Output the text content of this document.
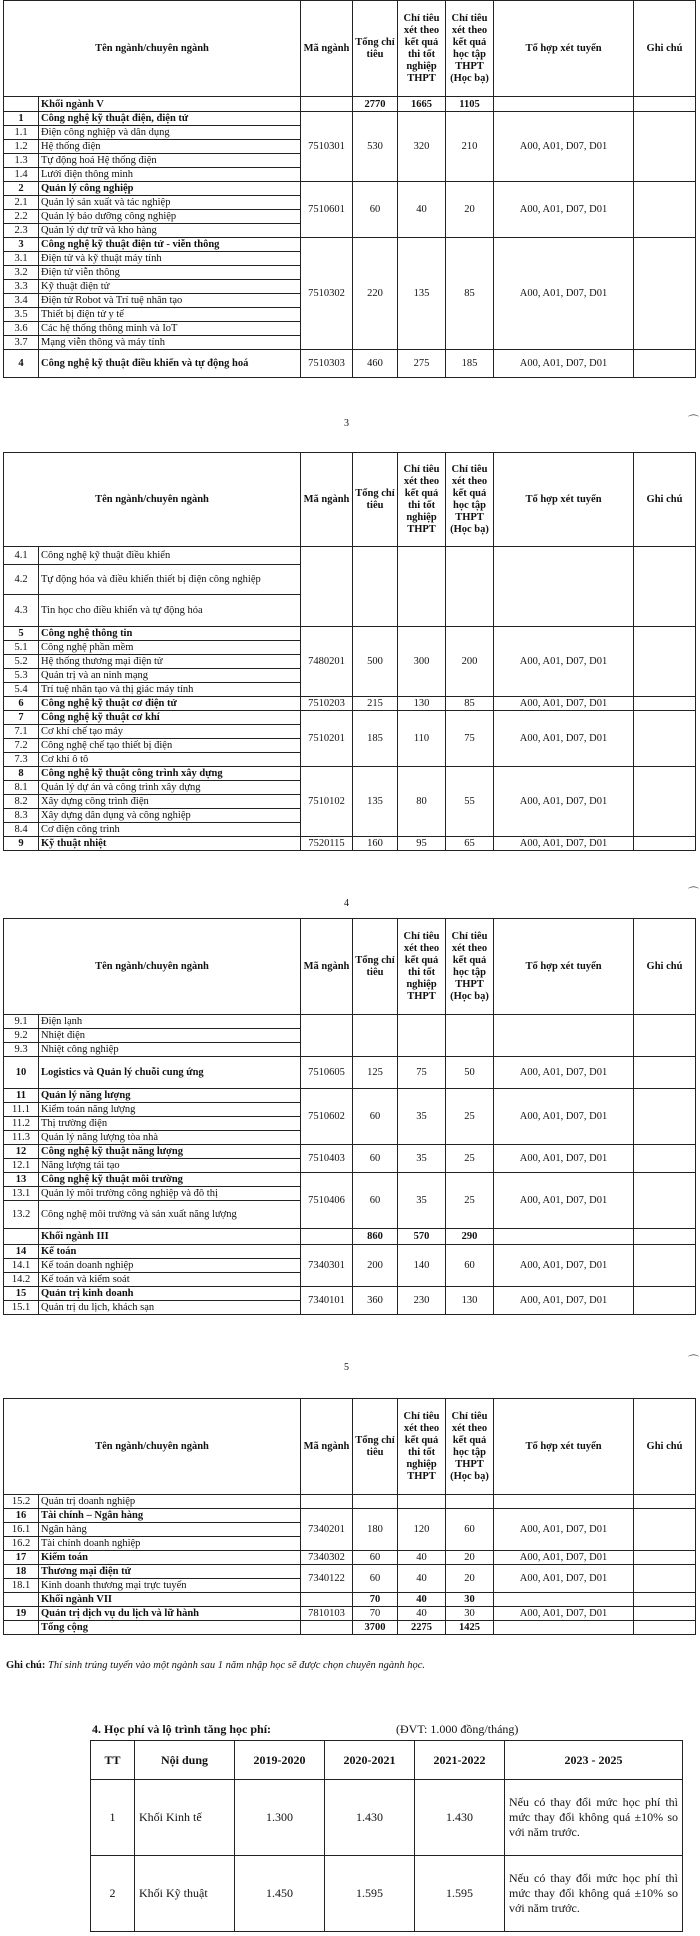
Tên ngành/chuyên ngành		Mã ngành	Tổng chỉ tiêu	Chỉ tiêu xét theo kết quả thi tốt nghiệp THPT	Chỉ tiêu xét theo kết quả học tập THPT (Học bạ)	Tổ hợp xét tuyển	Ghi chú
	Khối ngành V		2770	1665	1105		
1	Công nghệ kỹ thuật điện, điện tử	7510301	530	320	210	A00, A01, D07, D01	
1.1	Điện công nghiệp và dân dụng						
1.2	Hệ thống điện						
1.3	Tự động hoá Hệ thống điện						
1.4	Lưới điện thông minh						
2	Quản lý công nghiệp	7510601	60	40	20	A00, A01, D07, D01	
2.1	Quản lý sản xuất và tác nghiệp						
2.2	Quản lý bảo dưỡng công nghiệp						
2.3	Quản lý dự trữ và kho hàng						
3	Công nghệ kỹ thuật điện tử - viễn thông	7510302	220	135	85	A00, A01, D07, D01	
3.1	Điện tử và kỹ thuật máy tính						
3.2	Điện tử viễn thông						
3.3	Kỹ thuật điện tử						
3.4	Điện tử Robot và Trí tuệ nhân tạo						
3.5	Thiết bị điện tử y tế						
3.6	Các hệ thống thông minh và IoT						
3.7	Mạng viễn thông và máy tính						
4	Công nghệ kỹ thuật điều khiển và tự động hoá	7510303	460	275	185	A00, A01, D07, D01	
3	⌒
Tên ngành/chuyên ngành		Mã ngành	Tổng chỉ tiêu	Chỉ tiêu xét theo kết quả thi tốt nghiệp THPT	Chỉ tiêu xét theo kết quả học tập THPT (Học bạ)	Tổ hợp xét tuyển	Ghi chú
4.1	Công nghệ kỹ thuật điều khiển						
4.2	Tự động hóa và điều khiển thiết bị điện công nghiệp						
4.3	Tin học cho điều khiển và tự động hóa						
5	Công nghệ thông tin	7480201	500	300	200	A00, A01, D07, D01	
5.1	Công nghệ phần mềm						
5.2	Hệ thống thương mại điện tử						
5.3	Quản trị và an ninh mạng						
5.4	Trí tuệ nhân tạo và thị giác máy tính						
6	Công nghệ kỹ thuật cơ điện tử	7510203	215	130	85	A00, A01, D07, D01	
7	Công nghệ kỹ thuật cơ khí	7510201	185	110	75	A00, A01, D07, D01	
7.1	Cơ khí chế tạo máy						
7.2	Công nghệ chế tạo thiết bị điện						
7.3	Cơ khí ô tô						
8	Công nghệ kỹ thuật công trình xây dựng	7510102	135	80	55	A00, A01, D07, D01	
8.1	Quản lý dự án và công trình xây dựng						
8.2	Xây dựng công trình điện						
8.3	Xây dựng dân dụng và công nghiệp						
8.4	Cơ điện công trình						
9	Kỹ thuật nhiệt	7520115	160	95	65	A00, A01, D07, D01	
4
⌒
Tên ngành/chuyên ngành		Mã ngành	Tổng chỉ tiêu	Chỉ tiêu xét theo kết quả thi tốt nghiệp THPT	Chỉ tiêu xét theo kết quả học tập THPT (Học bạ)	Tổ hợp xét tuyển	Ghi chú
9.1	Điện lạnh						
9.2	Nhiệt điện						
9.3	Nhiệt công nghiệp						
10	Logistics và Quản lý chuỗi cung ứng	7510605	125	75	50	A00, A01, D07, D01	
11	Quản lý năng lượng	7510602	60	35	25	A00, A01, D07, D01	
11.1	Kiểm toán năng lượng						
11.2	Thị trường điện						
11.3	Quản lý năng lượng tòa nhà						
12	Công nghệ kỹ thuật năng lượng	7510403	60	35	25	A00, A01, D07, D01	
12.1	Năng lượng tái tạo						
13	Công nghệ kỹ thuật môi trường	7510406	60	35	25	A00, A01, D07, D01	
13.1	Quản lý môi trường công nghiệp và đô thị						
13.2	Công nghệ môi trường và sản xuất năng lượng						
	Khối ngành III		860	570	290		
14	Kế toán	7340301	200	140	60	A00, A01, D07, D01	
14.1	Kế toán doanh nghiệp						
14.2	Kế toán và kiểm soát						
15	Quản trị kinh doanh	7340101	360	230	130	A00, A01, D07, D01	
15.1	Quản trị du lịch, khách sạn						
5
⌒
Tên ngành/chuyên ngành		Mã ngành	Tổng chỉ tiêu	Chỉ tiêu xét theo kết quả thi tốt nghiệp THPT	Chỉ tiêu xét theo kết quả học tập THPT (Học bạ)	Tổ hợp xét tuyển	Ghi chú
15.2	Quản trị doanh nghiệp						
16	Tài chính – Ngân hàng	7340201	180	120	60	A00, A01, D07, D01	
16.1	Ngân hàng						
16.2	Tài chính doanh nghiệp						
17	Kiểm toán	7340302	60	40	20	A00, A01, D07, D01	
18	Thương mại điện tử	7340122	60	40	20	A00, A01, D07, D01	
18.1	Kinh doanh thương mại trực tuyến						
	Khối ngành VII		70	40	30		
19	Quản trị dịch vụ du lịch và lữ hành	7810103	70	40	30	A00, A01, D07, D01	
	Tổng cộng		3700	2275	1425		
Ghi chú: Thí sinh trúng tuyển vào một ngành sau 1 năm nhập học sẽ được chọn chuyên ngành học.
4. Học phí và lộ trình tăng học phí:	(ĐVT: 1.000 đồng/tháng)
TT	Nội dung	2019-2020	2020-2021	2021-2022	2023 - 2025
1	Khối Kinh tế	1.300	1.430	1.430	Nếu có thay đổi mức học phí thì mức thay đổi không quá ±10% so với năm trước.
2	Khối Kỹ thuật	1.450	1.595	1.595	Nếu có thay đổi mức học phí thì mức thay đổi không quá ±10% so với năm trước.
